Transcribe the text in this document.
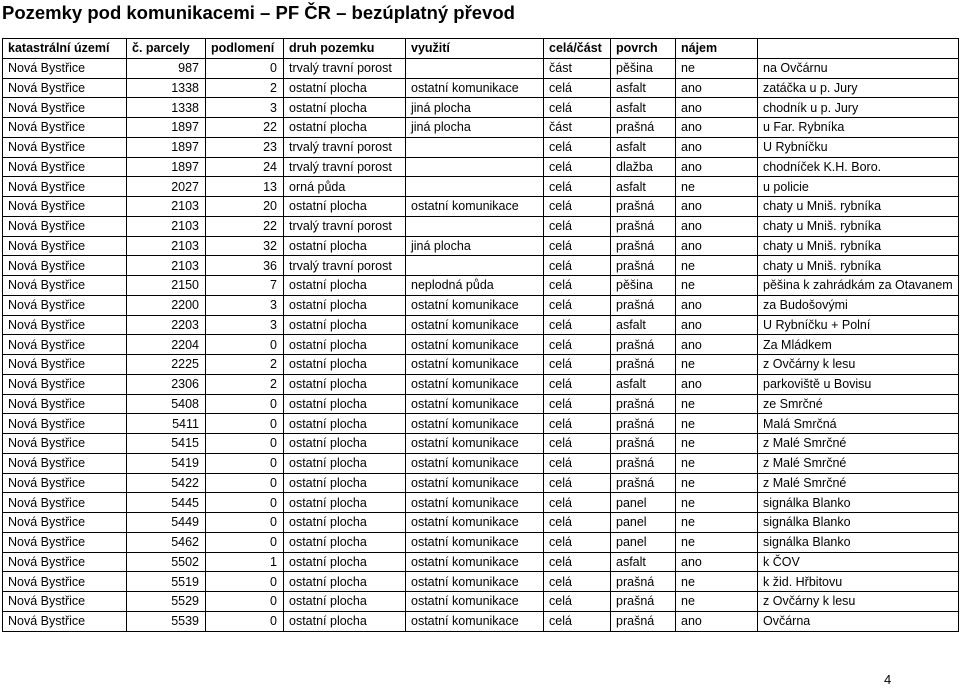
Pozemky pod komunikacemi – PF ČR – bezúplatný převod
katastrální území	č. parcely	podlomení	druh pozemku	využití	celá/část	povrch	nájem	
Nová Bystřice	987	0	trvalý travní porost		část	pěšina	ne	na Ovčárnu
Nová Bystřice	1338	2	ostatní plocha	ostatní komunikace	celá	asfalt	ano	zatáčka u p. Jury
Nová Bystřice	1338	3	ostatní plocha	jiná plocha	celá	asfalt	ano	chodník u p. Jury
Nová Bystřice	1897	22	ostatní plocha	jiná plocha	část	prašná	ano	u Far. Rybníka
Nová Bystřice	1897	23	trvalý travní porost		celá	asfalt	ano	U Rybníčku
Nová Bystřice	1897	24	trvalý travní porost		celá	dlažba	ano	chodníček K.H. Boro.
Nová Bystřice	2027	13	orná půda		celá	asfalt	ne	u policie
Nová Bystřice	2103	20	ostatní plocha	ostatní komunikace	celá	prašná	ano	chaty u Mniš. rybníka
Nová Bystřice	2103	22	trvalý travní porost		celá	prašná	ano	chaty u Mniš. rybníka
Nová Bystřice	2103	32	ostatní plocha	jiná plocha	celá	prašná	ano	chaty u Mniš. rybníka
Nová Bystřice	2103	36	trvalý travní porost		celá	prašná	ne	chaty u Mniš. rybníka
Nová Bystřice	2150	7	ostatní plocha	neplodná půda	celá	pěšina	ne	pěšina k zahrádkám za Otavanem
Nová Bystřice	2200	3	ostatní plocha	ostatní komunikace	celá	prašná	ano	za Budošovými
Nová Bystřice	2203	3	ostatní plocha	ostatní komunikace	celá	asfalt	ano	U Rybníčku + Polní
Nová Bystřice	2204	0	ostatní plocha	ostatní komunikace	celá	prašná	ano	Za Mládkem
Nová Bystřice	2225	2	ostatní plocha	ostatní komunikace	celá	prašná	ne	z Ovčárny k lesu
Nová Bystřice	2306	2	ostatní plocha	ostatní komunikace	celá	asfalt	ano	parkoviště u Bovisu
Nová Bystřice	5408	0	ostatní plocha	ostatní komunikace	celá	prašná	ne	ze Smrčné
Nová Bystřice	5411	0	ostatní plocha	ostatní komunikace	celá	prašná	ne	Malá Smrčná
Nová Bystřice	5415	0	ostatní plocha	ostatní komunikace	celá	prašná	ne	z Malé Smrčné
Nová Bystřice	5419	0	ostatní plocha	ostatní komunikace	celá	prašná	ne	z Malé Smrčné
Nová Bystřice	5422	0	ostatní plocha	ostatní komunikace	celá	prašná	ne	z Malé Smrčné
Nová Bystřice	5445	0	ostatní plocha	ostatní komunikace	celá	panel	ne	signálka Blanko
Nová Bystřice	5449	0	ostatní plocha	ostatní komunikace	celá	panel	ne	signálka Blanko
Nová Bystřice	5462	0	ostatní plocha	ostatní komunikace	celá	panel	ne	signálka Blanko
Nová Bystřice	5502	1	ostatní plocha	ostatní komunikace	celá	asfalt	ano	k ČOV
Nová Bystřice	5519	0	ostatní plocha	ostatní komunikace	celá	prašná	ne	k žid. Hřbitovu
Nová Bystřice	5529	0	ostatní plocha	ostatní komunikace	celá	prašná	ne	z Ovčárny k lesu
Nová Bystřice	5539	0	ostatní plocha	ostatní komunikace	celá	prašná	ano	Ovčárna
4
